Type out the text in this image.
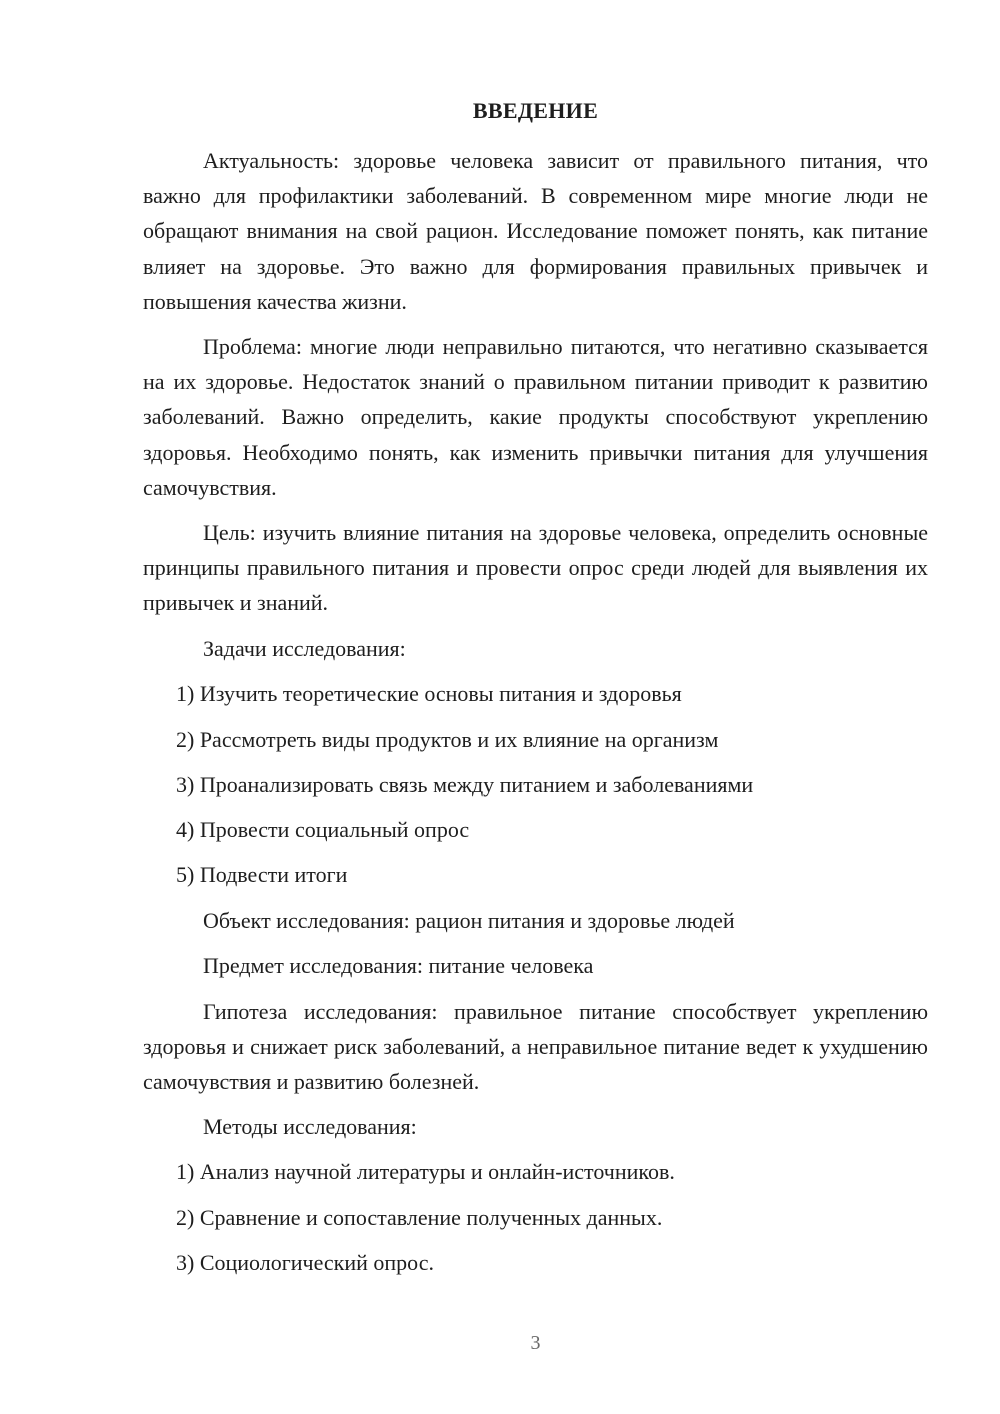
ВВЕДЕНИЕ

Актуальность: здоровье человека зависит от правильного питания, что важно для профилактики заболеваний. В современном мире многие люди не обращают внимания на свой рацион. Исследование поможет понять, как питание влияет на здоровье. Это важно для формирования правильных привычек и повышения качества жизни.

Проблема: многие люди неправильно питаются, что негативно сказывается на их здоровье. Недостаток знаний о правильном питании приводит к развитию заболеваний. Важно определить, какие продукты способствуют укреплению здоровья. Необходимо понять, как изменить привычки питания для улучшения самочувствия.

Цель: изучить влияние питания на здоровье человека, определить основные принципы правильного питания и провести опрос среди людей для выявления их привычек и знаний.

Задачи исследования:
1) Изучить теоретические основы питания и здоровья
2) Рассмотреть виды продуктов и их влияние на организм
3) Проанализировать связь между питанием и заболеваниями
4) Провести социальный опрос
5) Подвести итоги
Объект исследования: рацион питания и здоровье людей
Предмет исследования: питание человека

Гипотеза исследования: правильное питание способствует укреплению здоровья и снижает риск заболеваний, а неправильное питание ведет к ухудшению самочувствия и развитию болезней.

Методы исследования:
1) Анализ научной литературы и онлайн-источников.
2) Сравнение и сопоставление полученных данных.
3) Социологический опрос.
3
